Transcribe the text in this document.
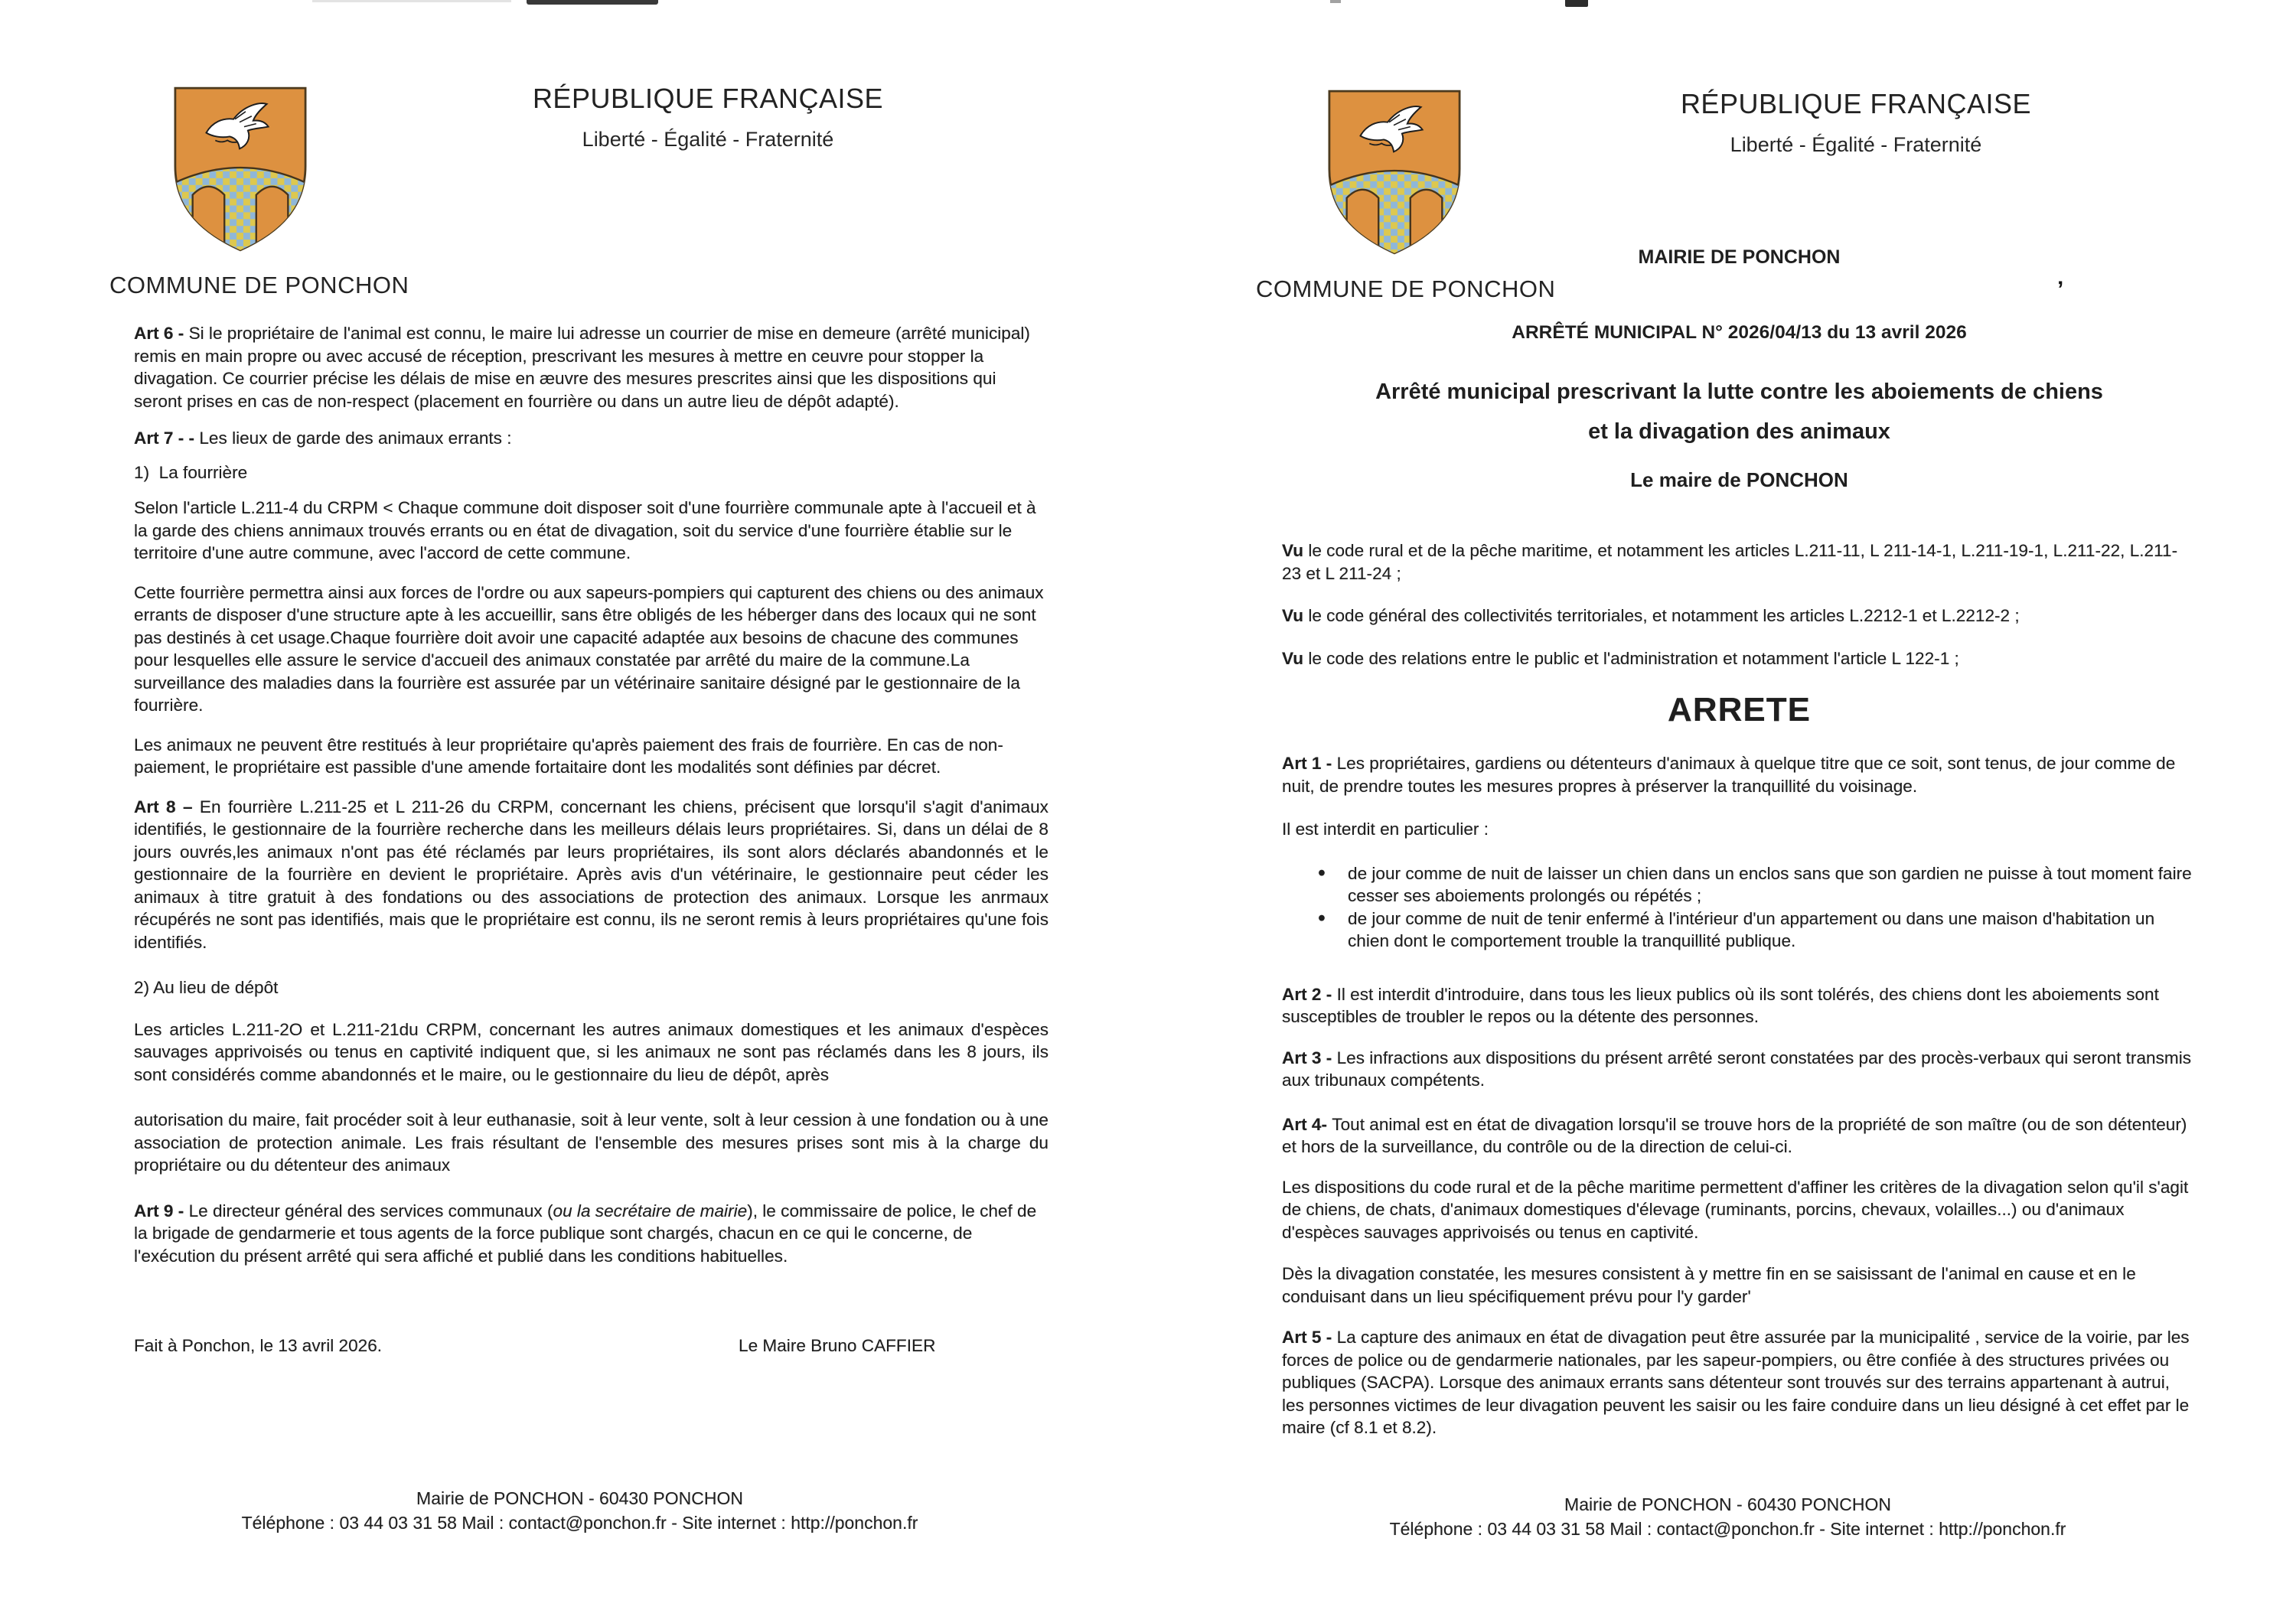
’
RÉPUBLIQUE FRANÇAISE
Liberté - Égalité - Fraternité
COMMUNE DE PONCHON

Art 6 - Si le propriétaire de l'animal est connu, le maire lui adresse un courrier de mise en demeure (arrêté municipal) remis en main propre ou avec accusé de réception, prescrivant les mesures à mettre en ceuvre pour stopper la divagation. Ce courrier précise les délais de mise en æuvre des mesures prescrites ainsi que les dispositions qui seront prises en cas de non-respect (placement en fourrière ou dans un autre lieu de dépôt adapté).

Art 7 - - Les lieux de garde des animaux errants :

1)  La fourrière

Selon l'article L.211-4 du CRPM < Chaque commune doit disposer soit d'une fourrière communale apte à l'accueil et à la garde des chiens annimaux trouvés errants ou en état de divagation, soit du service d'une fourrière établie sur le territoire d'une autre commune, avec l'accord de cette commune.

Cette fourrière permettra ainsi aux forces de l'ordre ou aux sapeurs-pompiers qui capturent des chiens ou des animaux errants de disposer d'une structure apte à les accueillir, sans être obligés de les héberger dans des locaux qui ne sont pas destinés à cet usage.Chaque fourrière doit avoir une capacité adaptée aux besoins de chacune des communes pour lesquelles elle assure le service d'accueil des animaux constatée par arrêté du maire de la commune.La surveillance des maladies dans la fourrière est assurée par un vétérinaire sanitaire désigné par le gestionnaire de la fourrière.

Les animaux ne peuvent être restitués à leur propriétaire qu'après paiement des frais de fourrière. En cas de non-paiement, le propriétaire est passible d'une amende fortaitaire dont les modalités sont définies par décret.

Art 8 – En fourrière L.211-25 et L 211-26 du CRPM, concernant les chiens, précisent que lorsqu'il s'agit d'animaux identifiés, le gestionnaire de la fourrière recherche dans les meilleurs délais leurs propriétaires. Si, dans un délai de 8 jours ouvrés,les animaux n'ont pas été réclamés par leurs propriétaires, ils sont alors déclarés abandonnés et le gestionnaire de la fourrière en devient le propriétaire. Après avis d'un vétérinaire, le gestionnaire peut céder les animaux à titre gratuit à des fondations ou des associations de protection des animaux. Lorsque les anrmaux récupérés ne sont pas identifiés, mais que le propriétaire est connu, ils ne seront remis à leurs propriétaires qu'une fois identifiés.

2) Au lieu de dépôt

Les articles L.211-2O et L.211-21du CRPM, concernant les autres animaux domestiques et les animaux d'espèces sauvages apprivoisés ou tenus en captivité indiquent que, si les animaux ne sont pas réclamés dans les 8 jours, ils sont considérés comme abandonnés et le maire, ou le gestionnaire du lieu de dépôt, après

autorisation du maire, fait procéder soit à leur euthanasie, soit à leur vente, solt à leur cession à une fondation ou à une association de protection animale. Les frais résultant de l'ensemble des mesures prises sont mis à la charge du propriétaire ou du détenteur des animaux

Art 9 - Le directeur général des services communaux (ou la secrétaire de mairie), le commissaire de police, le chef de la brigade de gendarmerie et tous agents de la force publique sont chargés, chacun en ce qui le concerne, de l'exécution du présent arrêté qui sera affiché et publié dans les conditions habituelles.

Fait à Ponchon, le 13 avril 2026.	Le Maire Bruno CAFFIER
Mairie de PONCHON - 60430 PONCHON
Téléphone : 03 44 03 31 58 Mail : contact@ponchon.fr - Site internet : http://ponchon.fr
RÉPUBLIQUE FRANÇAISE
Liberté - Égalité - Fraternité
MAIRIE DE PONCHON
COMMUNE DE PONCHON
ARRÊTÉ MUNICIPAL N° 2026/04/13 du 13 avril 2026
Arrêté municipal prescrivant la lutte contre les aboiements de chiens
et la divagation des animaux
Le maire de PONCHON

Vu le code rural et de la pêche maritime, et notamment les articles L.211-11, L 211-14-1, L.211-19-1, L.211-22, L.211-23 et L 211-24 ;

Vu le code général des collectivités territoriales, et notamment les articles L.2212-1 et L.2212-2 ;

Vu le code des relations entre le public et l'administration et notamment l'article L 122-1 ;

ARRETE

Art 1 - Les propriétaires, gardiens ou détenteurs d'animaux à quelque titre que ce soit, sont tenus, de jour comme de nuit, de prendre toutes les mesures propres à préserver la tranquillité du voisinage.

Il est interdit en particulier :

• de jour comme de nuit de laisser un chien dans un enclos sans que son gardien ne puisse à tout moment faire cesser ses aboiements prolongés ou répétés ;
• de jour comme de nuit de tenir enfermé à l'intérieur d'un appartement ou dans une maison d'habitation un chien dont le comportement trouble la tranquillité publique.

Art 2 - Il est interdit d'introduire, dans tous les lieux publics où ils sont tolérés, des chiens dont les aboiements sont susceptibles de troubler le repos ou la détente des personnes.

Art 3 - Les infractions aux dispositions du présent arrêté seront constatées par des procès-verbaux qui seront transmis aux tribunaux compétents.

Art 4- Tout animal est en état de divagation lorsqu'il se trouve hors de la propriété de son maître (ou de son détenteur) et hors de la surveillance, du contrôle ou de la direction de celui-ci.

Les dispositions du code rural et de la pêche maritime permettent d'affiner les critères de la divagation selon qu'il s'agit de chiens, de chats, d'animaux domestiques d'élevage (ruminants, porcins, chevaux, volailles...) ou d'animaux d'espèces sauvages apprivoisés ou tenus en captivité.

Dès la divagation constatée, les mesures consistent à y mettre fin en se saisissant de l'animal en cause et en le conduisant dans un lieu spécifiquement prévu pour l'y garder'

Art 5 - La capture des animaux en état de divagation peut être assurée par la municipalité , service de la voirie, par les forces de police ou de gendarmerie nationales, par les sapeur-pompiers, ou être confiée à des structures privées ou publiques (SACPA). Lorsque des animaux errants sans détenteur sont trouvés sur des terrains appartenant à autrui, les personnes victimes de leur divagation peuvent les saisir ou les faire conduire dans un lieu désigné à cet effet par le maire (cf 8.1 et 8.2).

Mairie de PONCHON - 60430 PONCHON
Téléphone : 03 44 03 31 58 Mail : contact@ponchon.fr - Site internet : http://ponchon.fr
